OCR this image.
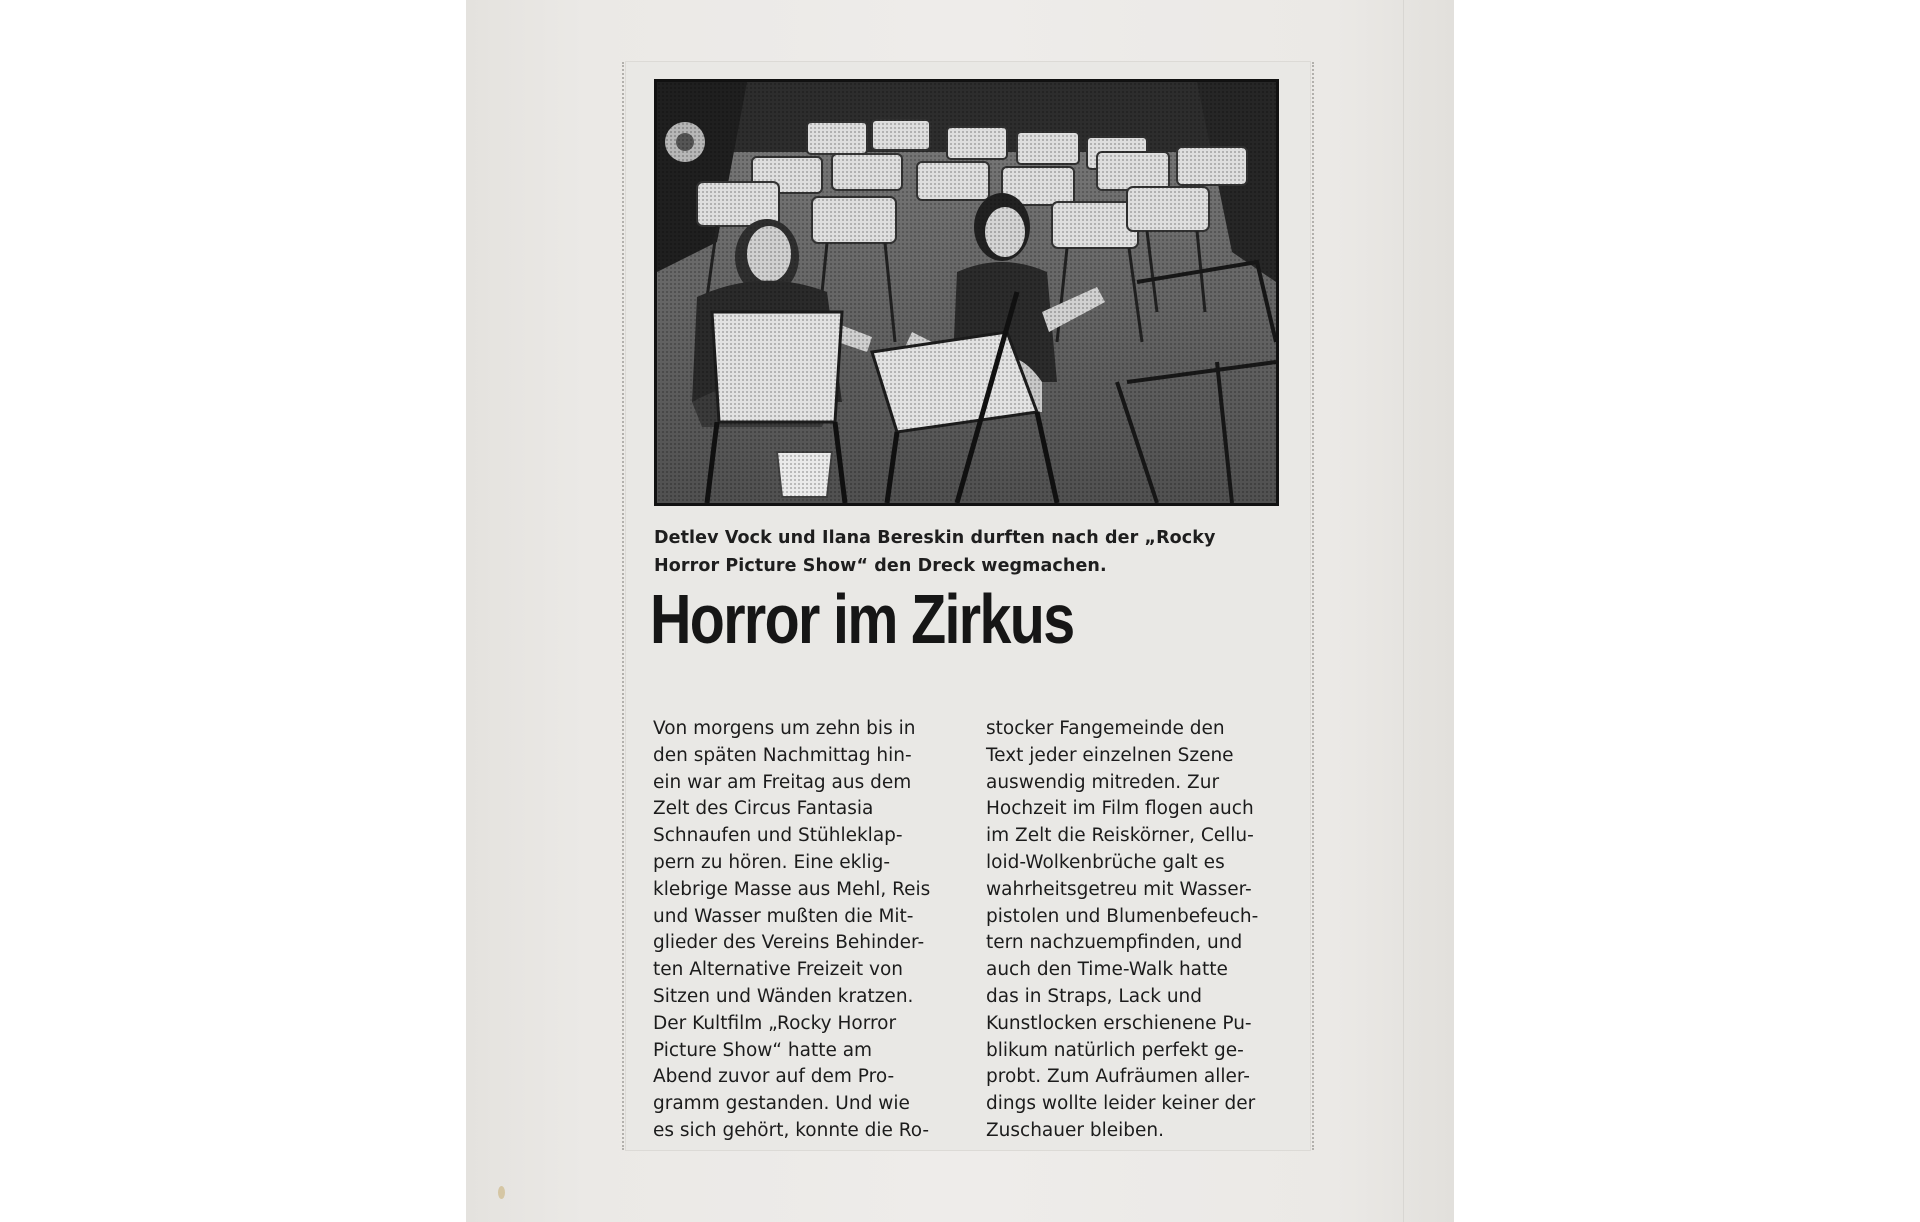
Detlev Vock und Ilana Bereskin durften nach der „Rocky
Horror Picture Show“ den Dreck wegmachen.

Horror im Zirkus
Von morgens um zehn bis in
den späten Nachmittag hin-
ein war am Freitag aus dem
Zelt des Circus Fantasia
Schnaufen und Stühleklap-
pern zu hören. Eine eklig-
klebrige Masse aus Mehl, Reis
und Wasser mußten die Mit-
glieder des Vereins Behinder-
ten Alternative Freizeit von
Sitzen und Wänden kratzen.
Der Kultfilm „Rocky Horror
Picture Show“ hatte am
Abend zuvor auf dem Pro-
gramm gestanden. Und wie
es sich gehört, konnte die Ro-
stocker Fangemeinde den
Text jeder einzelnen Szene
auswendig mitreden. Zur
Hochzeit im Film flogen auch
im Zelt die Reiskörner, Cellu-
loid-Wolkenbrüche galt es
wahrheitsgetreu mit Wasser-
pistolen und Blumenbefeuch-
tern nachzuempfinden, und
auch den Time-Walk hatte
das in Straps, Lack und
Kunstlocken erschienene Pu-
blikum natürlich perfekt ge-
probt. Zum Aufräumen aller-
dings wollte leider keiner der
Zuschauer bleiben.
